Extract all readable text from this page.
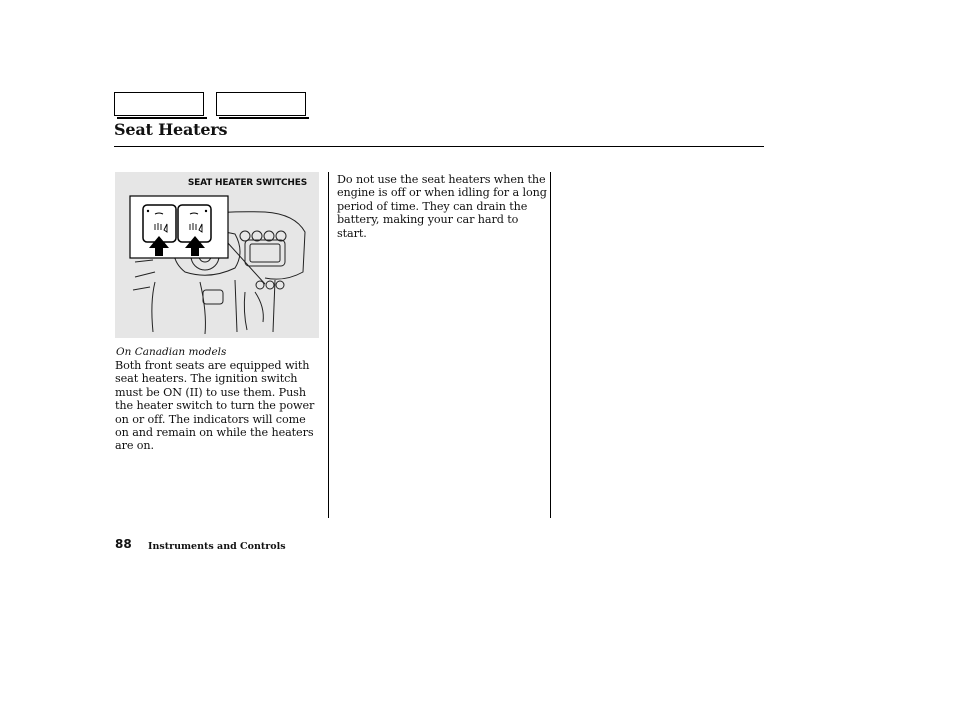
Seat Heaters
SEAT HEATER SWITCHES
On Canadian models
Both front seats are equipped with seat heaters. The ignition switch must be ON (II) to use them. Push the heater switch to turn the power on or off. The indicators will come on and remain on while the heaters are on.
Do not use the seat heaters when the engine is off or when idling for a long period of time. They can drain the battery, making your car hard to start.
88 Instruments and Controls
